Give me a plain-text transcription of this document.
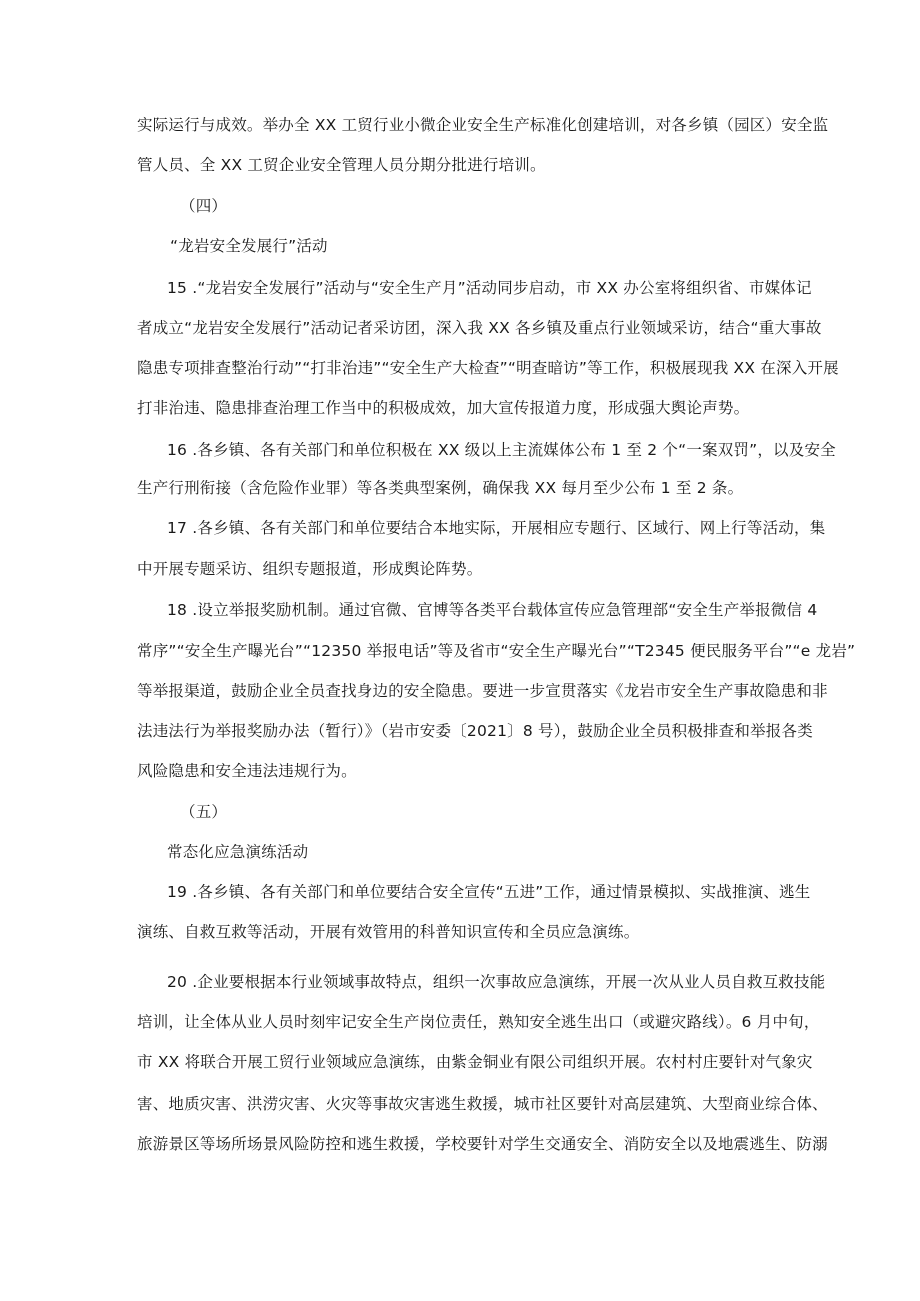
实际运行与成效。举办全 XX 工贸行业小微企业安全生产标准化创建培训，对各乡镇（园区）安全监
管人员、全 XX 工贸企业安全管理人员分期分批进行培训。
（四）
“龙岩安全发展行”活动
15 .“龙岩安全发展行”活动与“安全生产月”活动同步启动，市 XX 办公室将组织省、市媒体记
者成立“龙岩安全发展行”活动记者采访团，深入我 XX 各乡镇及重点行业领域采访，结合“重大事故
隐患专项排查整治行动”“打非治违”“安全生产大检查”“明查暗访”等工作，积极展现我 XX 在深入开展
打非治违、隐患排查治理工作当中的积极成效，加大宣传报道力度，形成强大舆论声势。
16 .各乡镇、各有关部门和单位积极在 XX 级以上主流媒体公布 1 至 2 个“一案双罚”，以及安全
生产行刑衔接（含危险作业罪）等各类典型案例，确保我 XX 每月至少公布 1 至 2 条。
17 .各乡镇、各有关部门和单位要结合本地实际，开展相应专题行、区域行、网上行等活动，集
中开展专题采访、组织专题报道，形成舆论阵势。
18 .设立举报奖励机制。通过官微、官博等各类平台载体宣传应急管理部“安全生产举报微信 4
常序”“安全生产曝光台”“12350 举报电话”等及省市“安全生产曝光台”“T2345 便民服务平台”“e 龙岩”
等举报渠道，鼓励企业全员查找身边的安全隐患。要进一步宣贯落实《龙岩市安全生产事故隐患和非
法违法行为举报奖励办法（暂行）》（岩市安委〔2021〕8 号），鼓励企业全员积极排查和举报各类
风险隐患和安全违法违规行为。
（五）
常态化应急演练活动
19 .各乡镇、各有关部门和单位要结合安全宣传“五进”工作，通过情景模拟、实战推演、逃生
演练、自救互救等活动，开展有效管用的科普知识宣传和全员应急演练。
20 .企业要根据本行业领域事故特点，组织一次事故应急演练，开展一次从业人员自救互救技能
培训，让全体从业人员时刻牢记安全生产岗位责任，熟知安全逃生出口（或避灾路线）。6 月中旬，
市 XX 将联合开展工贸行业领域应急演练，由紫金铜业有限公司组织开展。农村村庄要针对气象灾
害、地质灾害、洪涝灾害、火灾等事故灾害逃生救援，城市社区要针对高层建筑、大型商业综合体、
旅游景区等场所场景风险防控和逃生救援，学校要针对学生交通安全、消防安全以及地震逃生、防溺
